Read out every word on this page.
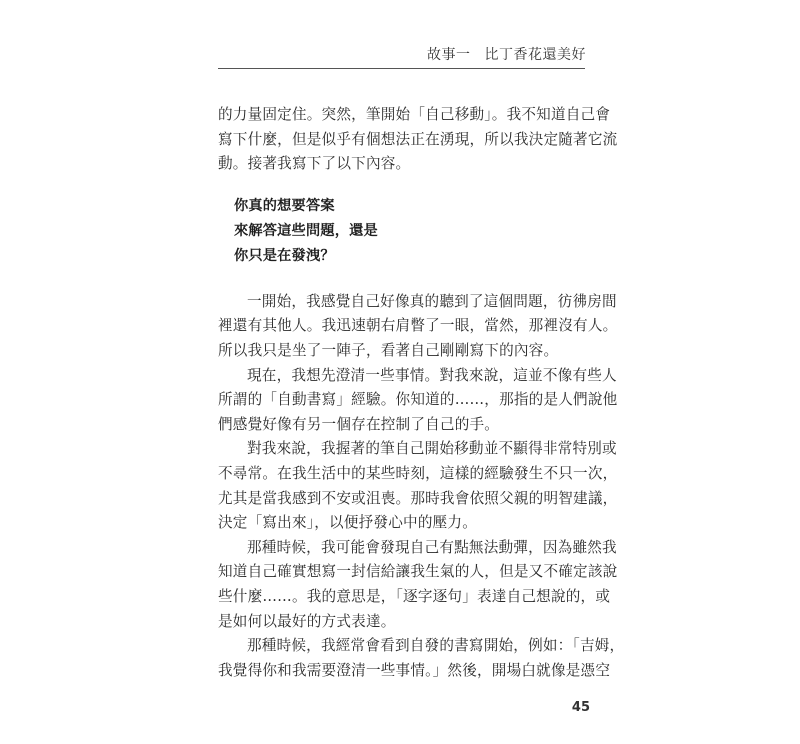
故事一 比丁香花還美好

的力量固定住。突然，筆開始「自己移動」。我不知道自己會
寫下什麼，但是似乎有個想法正在湧現，所以我決定隨著它流
動。接著我寫下了以下內容。

你真的想要答案
來解答這些問題，還是
你只是在發洩？

一開始，我感覺自己好像真的聽到了這個問題，彷彿房間
裡還有其他人。我迅速朝右肩瞥了一眼，當然，那裡沒有人。
所以我只是坐了一陣子，看著自己剛剛寫下的內容。

現在，我想先澄清一些事情。對我來說，這並不像有些人
所謂的「自動書寫」經驗。你知道的……，那指的是人們說他
們感覺好像有另一個存在控制了自己的手。

對我來說，我握著的筆自己開始移動並不顯得非常特別或
不尋常。在我生活中的某些時刻，這樣的經驗發生不只一次，
尤其是當我感到不安或沮喪。那時我會依照父親的明智建議，
決定「寫出來」，以便抒發心中的壓力。

那種時候，我可能會發現自己有點無法動彈，因為雖然我
知道自己確實想寫一封信給讓我生氣的人，但是又不確定該說
些什麼……。我的意思是，「逐字逐句」表達自己想說的，或
是如何以最好的方式表達。

那種時候，我經常會看到自發的書寫開始，例如：「吉姆，
我覺得你和我需要澄清一些事情。」然後，開場白就像是憑空

45
